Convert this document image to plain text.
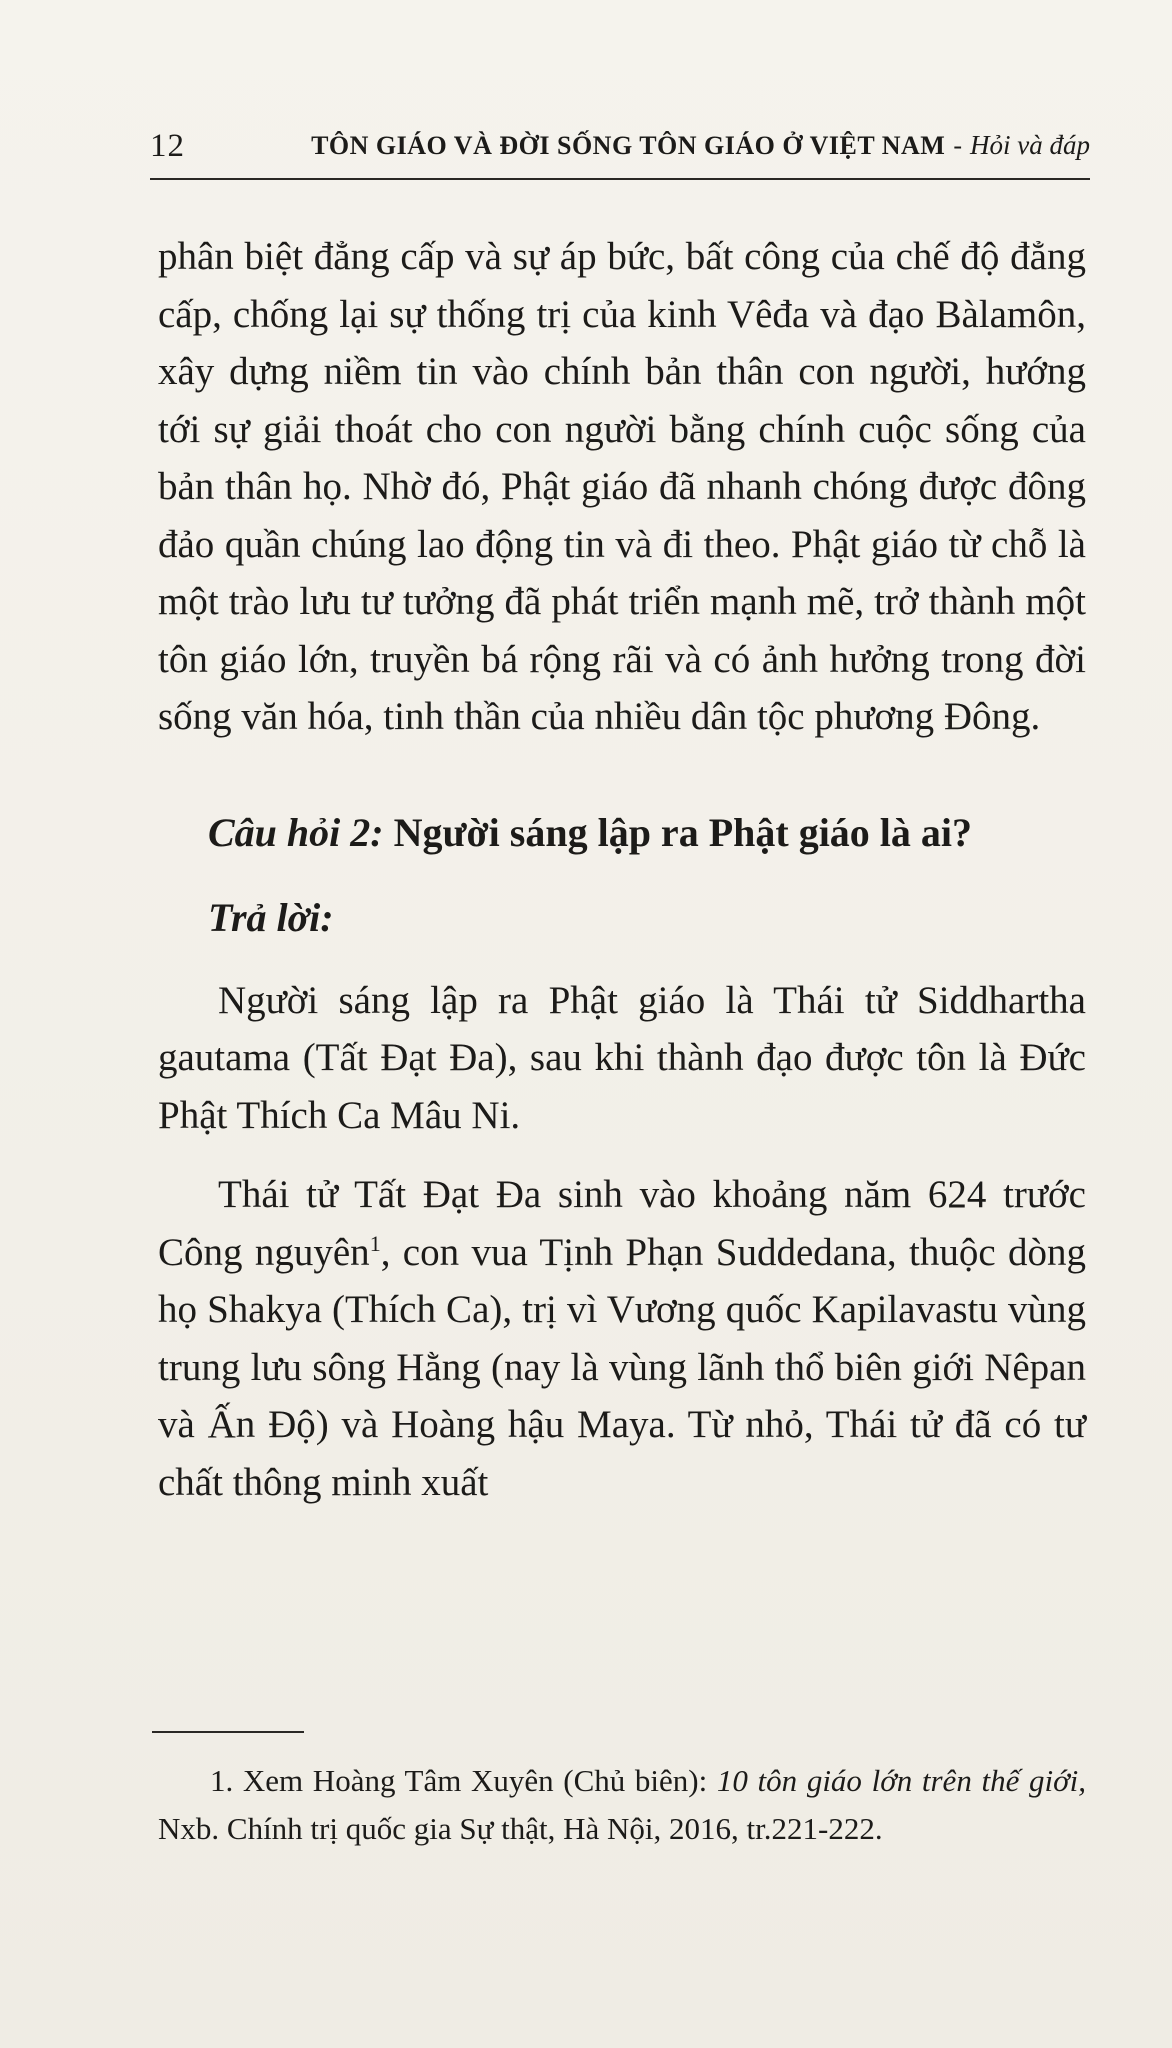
12	TÔN GIÁO VÀ ĐỜI SỐNG TÔN GIÁO Ở VIỆT NAM - Hỏi và đáp

phân biệt đẳng cấp và sự áp bức, bất công của chế độ đẳng cấp, chống lại sự thống trị của kinh Vêđa và đạo Bàlamôn, xây dựng niềm tin vào chính bản thân con người, hướng tới sự giải thoát cho con người bằng chính cuộc sống của bản thân họ. Nhờ đó, Phật giáo đã nhanh chóng được đông đảo quần chúng lao động tin và đi theo. Phật giáo từ chỗ là một trào lưu tư tưởng đã phát triển mạnh mẽ, trở thành một tôn giáo lớn, truyền bá rộng rãi và có ảnh hưởng trong đời sống văn hóa, tinh thần của nhiều dân tộc phương Đông.

Câu hỏi 2: Người sáng lập ra Phật giáo là ai?

Trả lời:

Người sáng lập ra Phật giáo là Thái tử Siddhartha gautama (Tất Đạt Đa), sau khi thành đạo được tôn là Đức Phật Thích Ca Mâu Ni.

Thái tử Tất Đạt Đa sinh vào khoảng năm 624 trước Công nguyên$^1$, con vua Tịnh Phạn Suddedana, thuộc dòng họ Shakya (Thích Ca), trị vì Vương quốc Kapilavastu vùng trung lưu sông Hằng (nay là vùng lãnh thổ biên giới Nêpan và Ấn Độ) và Hoàng hậu Maya. Từ nhỏ, Thái tử đã có tư chất thông minh xuất

1. Xem Hoàng Tâm Xuyên (Chủ biên): 10 tôn giáo lớn trên thế giới, Nxb. Chính trị quốc gia Sự thật, Hà Nội, 2016, tr.221-222.
